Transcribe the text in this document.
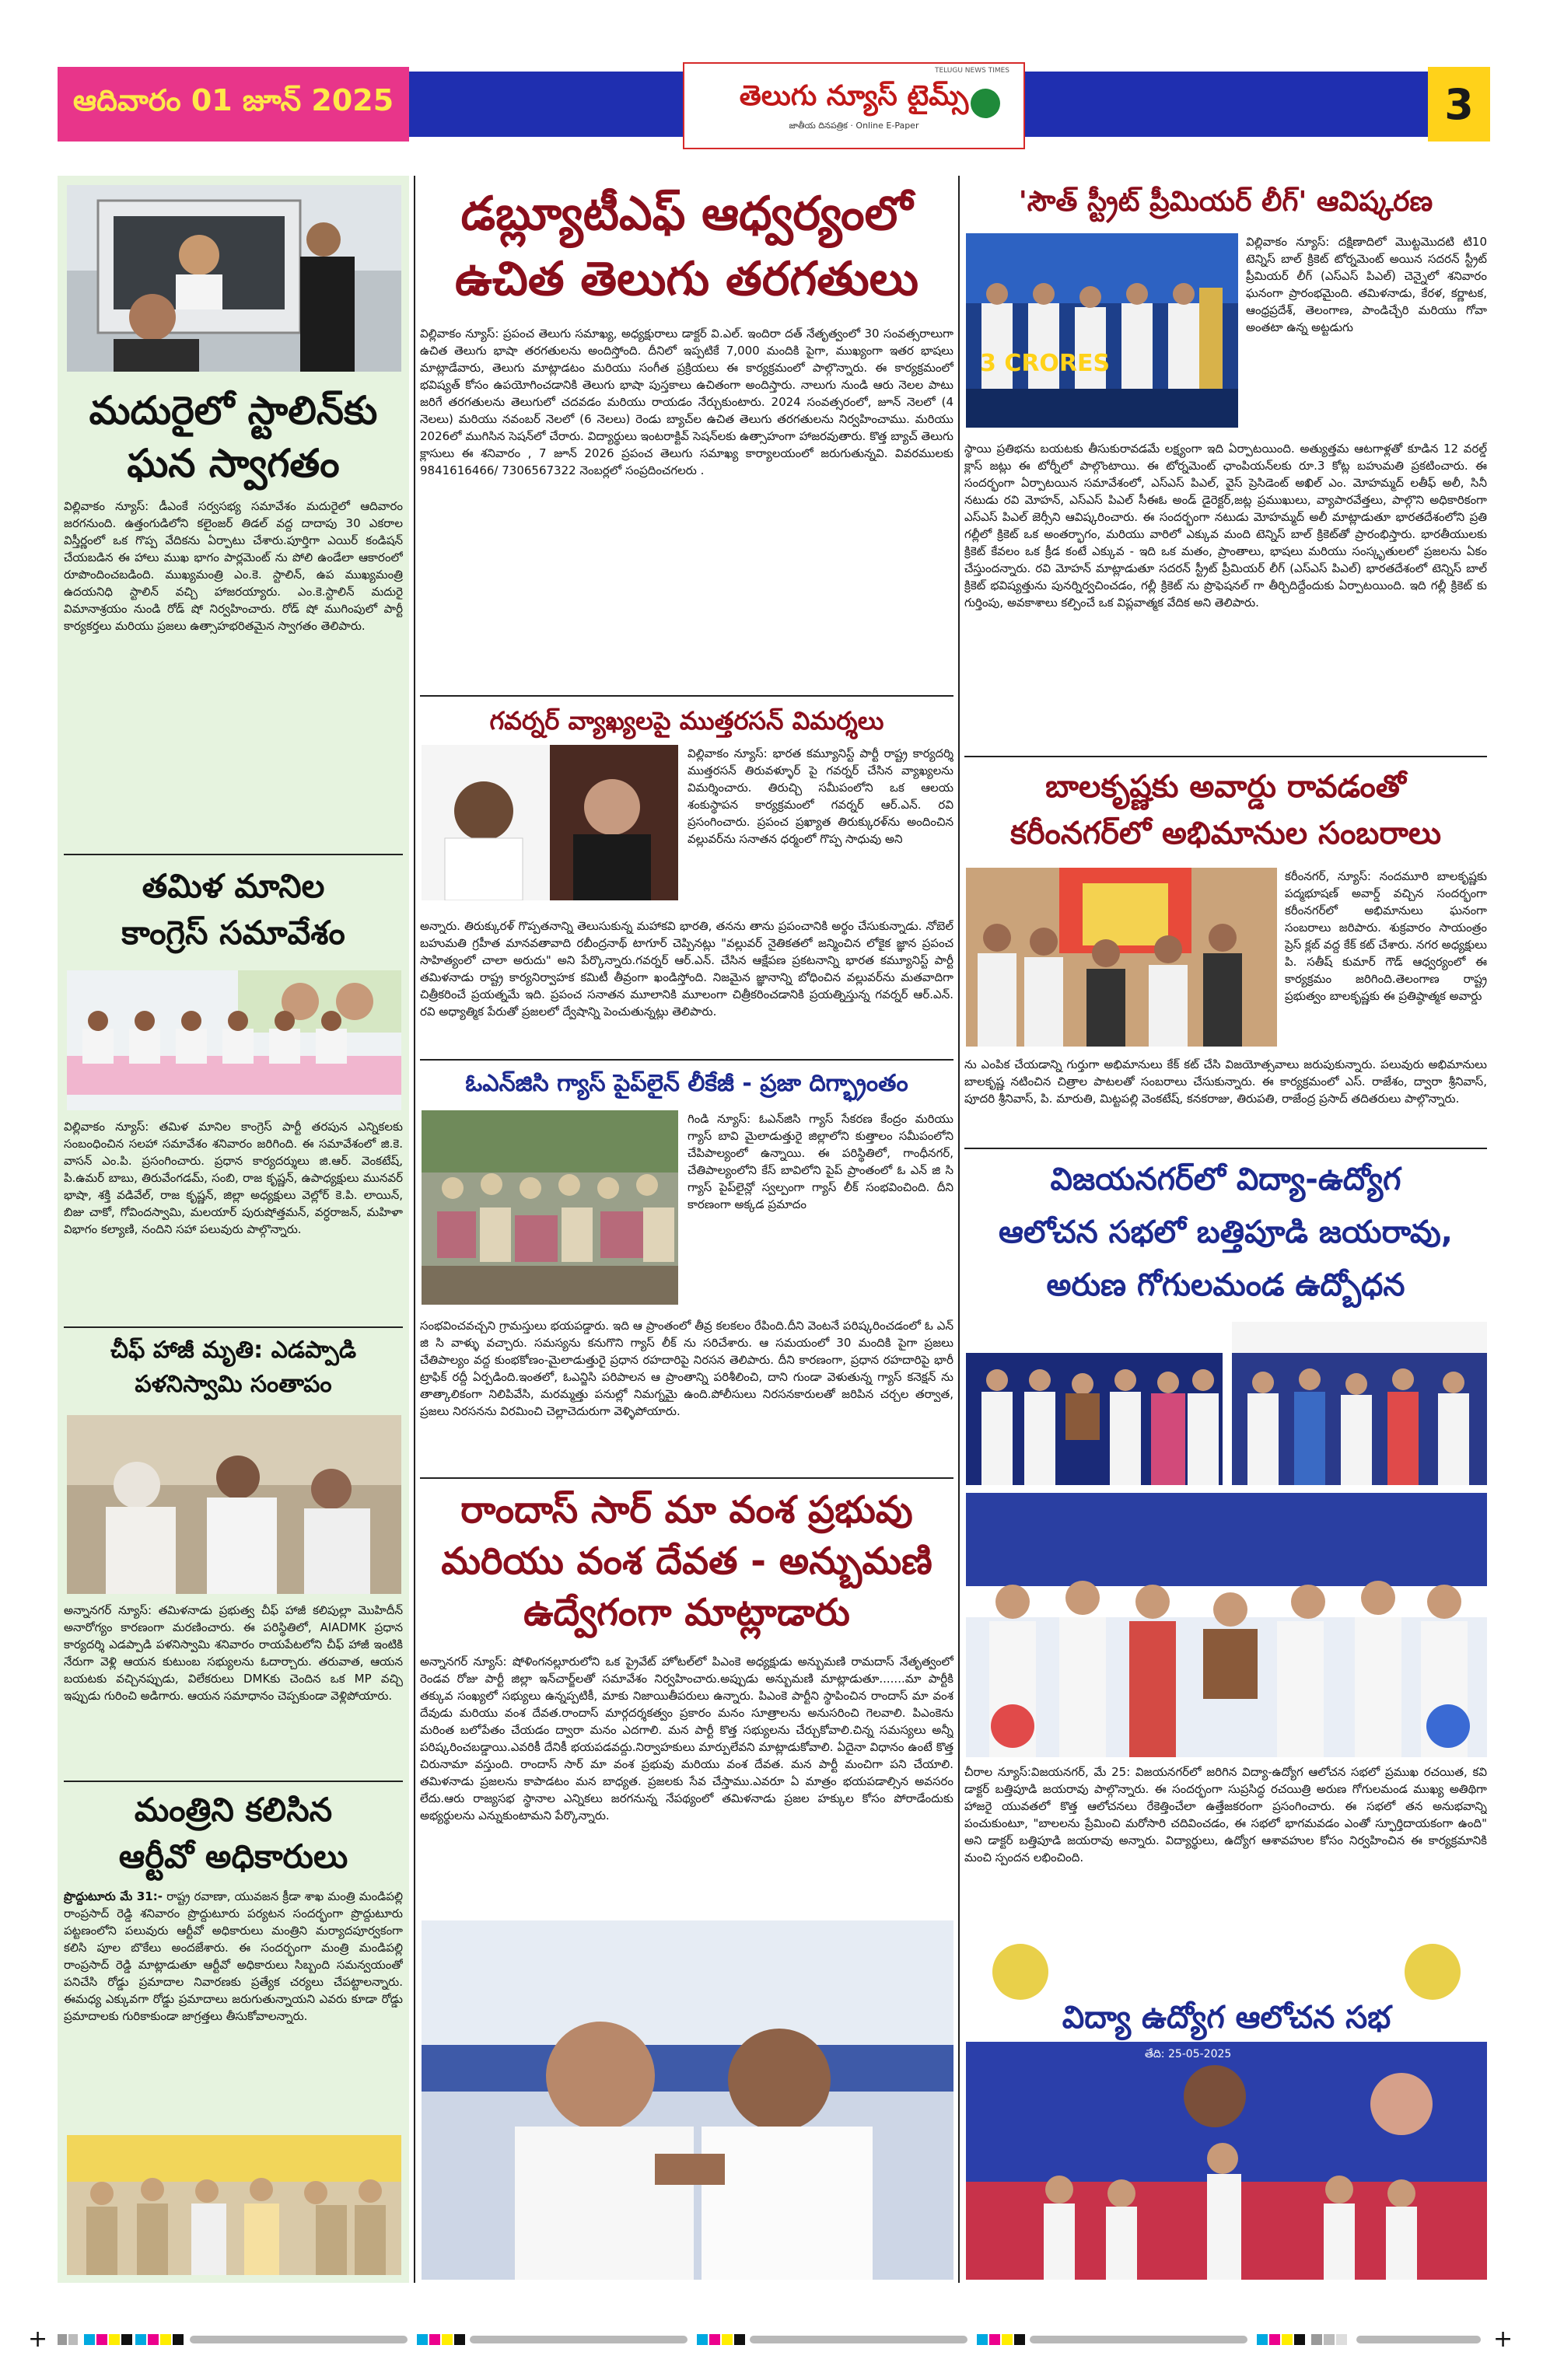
ఆదివారం 01 జూన్ 2025
TELUGU NEWS TIMES
తెలుగు న్యూస్ టైమ్స్
జాతీయ దినపత్రిక · Online E-Paper	3
మదురైలో స్టాలిన్‌కు
ఘన స్వాగతం
విల్లివాకం న్యూస్: డీఎంకే సర్వసభ్య సమావేశం మదురైలో ఆదివారం జరగనుంది. ఉత్తంగుడిలోని కలైంజర్ తిడల్ వద్ద దాదాపు 30 ఎకరాల విస్తీర్ణంలో ఒక గొప్ప వేదికను ఏర్పాటు చేశారు.పూర్తిగా ఎయిర్ కండిషన్ చేయబడిన ఈ హాలు ముఖ భాగం పార్లమెంట్ ను పోలి ఉండేలా ఆకారంలో రూపొందించబడింది. ముఖ్యమంత్రి ఎం.కె. స్టాలిన్, ఉప ముఖ్యమంత్రి ఉదయనిధి స్టాలిన్ వచ్చి హాజరయ్యారు. ఎం.కె.స్టాలిన్ మదురై విమానాశ్రయం నుండి రోడ్ షో నిర్వహించారు. రోడ్ షో ముగింపులో పార్టీ కార్యకర్తలు మరియు ప్రజలు ఉత్సాహభరితమైన స్వాగతం తెలిపారు.
తమిళ మానిల
కాంగ్రెస్ సమావేశం
విల్లివాకం న్యూస్: తమిళ మానిల కాంగ్రెస్ పార్టీ తరపున ఎన్నికలకు సంబంధించిన సలహా సమావేశం శనివారం జరిగింది. ఈ సమావేశంలో జి.కె. వాసన్ ఎం.పి. ప్రసంగించారు. ప్రధాన కార్యదర్శులు జి.ఆర్. వెంకటేష్, పి.ఉమర్ బాబు, తిరువేంగడమ్, సంబి, రాజ కృష్ణన్, ఉపాధ్యక్షులు మునవర్ భాషా, శక్తి వడివేల్, రాజ కృష్ణన్, జిల్లా అధ్యక్షులు వెల్లోర్ కె.పి. లాయిన్, బిజు చాకో, గోవిందస్వామి, మలయార్ పురుషోత్తమన్, వర్ధరాజన్, మహిళా విభాగం కల్యాణి, నందిని సహా పలువురు పాల్గొన్నారు.
చీఫ్ హాజీ మృతి: ఎడప్పాడి
పళనిస్వామి సంతాపం
అన్నానగర్ న్యూస్: తమిళనాడు ప్రభుత్వ చీఫ్ హాజీ కలిపుల్లా మొహిదీన్ అనారోగ్యం కారణంగా మరణించారు. ఈ పరిస్థితిలో, AIADMK ప్రధాన కార్యదర్శి ఎడప్పాడి పళనిస్వామి శనివారం రాయపేటలోని చీఫ్ హాజీ ఇంటికి నేరుగా వెళ్లి ఆయన కుటుంబ సభ్యులను ఓదార్చారు. తరువాత, ఆయన బయటకు వచ్చినప్పుడు, విలేకరులు DMKకు చెందిన ఒక MP వచ్చి ఇప్పుడు గురించి అడిగారు. ఆయన సమాధానం చెప్పకుండా వెళ్లిపోయారు.
మంత్రిని కలిసిన
ఆర్టీవో అధికారులు
ప్రొద్దుటూరు మే 31:- రాష్ట్ర రవాణా, యువజన క్రీడా శాఖ మంత్రి మండిపల్లి రాంప్రసాద్ రెడ్డి శనివారం ప్రొద్దుటూరు పర్యటన సందర్భంగా ప్రొద్దుటూరు పట్టణంలోని పలువురు ఆర్టీవో అధికారులు మంత్రిని మర్యాదపూర్వకంగా కలిసి పూల బొకేలు అందజేశారు. ఈ సందర్భంగా మంత్రి మండిపల్లి రాంప్రసాద్ రెడ్డి మాట్లాడుతూ ఆర్టీవో అధికారులు సిబ్బంది సమన్వయంతో పనిచేసి రోడ్డు ప్రమాదాల నివారణకు ప్రత్యేక చర్యలు చేపట్టాలన్నారు. ఈమధ్య ఎక్కువగా రోడ్డు ప్రమాదాలు జరుగుతున్నాయని ఎవరు కూడా రోడ్డు ప్రమాదాలకు గురికాకుండా జాగ్రత్తలు తీసుకోవాలన్నారు.
డబ్ల్యూటీఎఫ్ ఆధ్వర్యంలో
ఉచిత తెలుగు తరగతులు
విల్లివాకం న్యూస్: ప్రపంచ తెలుగు సమాఖ్య, అధ్యక్షురాలు డాక్టర్ వి.ఎల్. ఇందిరా దత్ నేతృత్వంలో 30 సంవత్సరాలుగా ఉచిత తెలుగు భాషా తరగతులను అందిస్తోంది. దీనిలో ఇప్పటికే 7,000 మందికి పైగా, ముఖ్యంగా ఇతర భాషలు మాట్లాడేవారు, తెలుగు మాట్లాడటం మరియు సంగీత ప్రక్రియలు ఈ కార్యక్రమంలో పాల్గొన్నారు. ఈ కార్యక్రమంలో భవిష్యత్ కోసం ఉపయోగించడానికి తెలుగు భాషా పుస్తకాలు ఉచితంగా అందిస్తారు. నాలుగు నుండి ఆరు నెలల పాటు జరిగే తరగతులను తెలుగులో చదవడం మరియు రాయడం నేర్చుకుంటారు. 2024 సంవత్సరంలో, జూన్ నెలలో (4 నెలలు) మరియు నవంబర్ నెలలో (6 నెలలు) రెండు బ్యాచ్‌ల ఉచిత తెలుగు తరగతులను నిర్వహించాము. మరియు 2026లో ముగిసిన సెషన్‌లో చేరారు. విద్యార్థులు ఇంటరాక్టివ్ సెషన్‌లకు ఉత్సాహంగా హాజరవుతారు. కొత్త బ్యాచ్ తెలుగు క్లాసులు ఈ శనివారం , 7 జూన్ 2026 ప్రపంచ తెలుగు సమాఖ్య కార్యాలయంలో జరుగుతున్నవి. వివరములకు 9841616466/ 7306567322 నెంబర్లలో సంప్రదించగలరు .
గవర్నర్ వ్యాఖ్యలపై ముత్తరసన్ విమర్శలు
విల్లివాకం న్యూస్: భారత కమ్యూనిస్ట్ పార్టీ రాష్ట్ర కార్యదర్శి ముత్తరసన్ తిరువళ్ళూర్ పై గవర్నర్ చేసిన వ్యాఖ్యలను విమర్శించారు. తిరుచ్చి సమీపంలోని ఒక ఆలయ శంకుస్థాపన కార్యక్రమంలో గవర్నర్ ఆర్.ఎన్. రవి ప్రసంగించారు. ప్రపంచ ప్రఖ్యాత తిరుక్కురళ్‌ను అందించిన వల్లువర్‌ను సనాతన ధర్మంలో గొప్ప సాధువు అని
అన్నారు. తిరుక్కురళ్ గొప్పతనాన్ని తెలుసుకున్న మహాకవి భారతి, తనను తాను ప్రపంచానికి అర్థం చేసుకున్నాడు. నోబెల్ బహుమతి గ్రహీత మానవతావాది రబీంద్రనాథ్ టాగూర్ చెప్పినట్లు "వల్లువర్ నైతికతలో జన్మించిన లోకైక జ్ఞాన ప్రపంచ సాహిత్యంలో చాలా అరుదు" అని పేర్కొన్నారు.గవర్నర్ ఆర్.ఎన్. చేసిన ఆక్షేపణ ప్రకటనాన్ని భారత కమ్యూనిస్ట్ పార్టీ తమిళనాడు రాష్ట్ర కార్యనిర్వాహక కమిటీ తీవ్రంగా ఖండిస్తోంది. నిజమైన జ్ఞానాన్ని బోధించిన వల్లువర్‌ను మతవాదిగా చిత్రీకరించే ప్రయత్నమే ఇది. ప్రపంచ సనాతన మూలానికి మూలంగా చిత్రీకరించడానికి ప్రయత్నిస్తున్న గవర్నర్ ఆర్.ఎన్. రవి అధ్యాత్మిక పేరుతో ప్రజలలో ద్వేషాన్ని పెంచుతున్నట్లు తెలిపారు.
ఓఎన్‌జిసి గ్యాస్ పైప్‌లైన్ లీకేజీ - ప్రజా దిగ్భ్రాంతం
గిండి న్యూస్: ఓఎన్‌జిసి గ్యాస్ సేకరణ కేంద్రం మరియు గ్యాస్ బావి మైలాడుత్తురై జిల్లాలోని కుత్తాలం సమీపంలోని చేపిపాల్యంలో ఉన్నాయి. ఈ పరిస్థితిలో, గాంధీనగర్, చేతిపాల్యంలోని కేస్ బావిలోని పైప్ ప్రాంతంలో ఓ ఎన్ జి సి గ్యాస్ పైప్‌లైన్లో స్వల్పంగా గ్యాస్ లీక్ సంభవించింది. దీని కారణంగా అక్కడ ప్రమాదం
సంభవించవచ్చని గ్రామస్తులు భయపడ్డారు. ఇది ఆ ప్రాంతంలో తీవ్ర కలకలం రేపింది.దీని వెంటనే పరిష్కరించడంలో ఓ ఎన్ జి సి వాళ్ళు వచ్చారు. సమస్యను కనుగొని గ్యాస్ లీక్ ను సరిచేశారు. ఆ సమయంలో 30 మందికి పైగా ప్రజలు చేతిపాల్యం వద్ద కుంభకోణం-మైలాడుత్తురై ప్రధాన రహదారిపై నిరసన తెలిపారు. దీని కారణంగా, ప్రధాన రహదారిపై భారీ ట్రాఫిక్ రద్దీ ఏర్పడింది.ఇంతలో, ఓఎన్జిసి పరిపాలన ఆ ప్రాంతాన్ని పరిశీలించి, దాని గుండా వెళుతున్న గ్యాస్ కనెక్షన్ ను తాత్కాలికంగా నిలిపివేసి, మరమ్మత్తు పనుల్లో నిమగ్నమై ఉంది.పోలీసులు నిరసనకారులతో జరిపిన చర్చల తర్వాత, ప్రజలు నిరసనను విరమించి చెల్లాచెదురుగా వెళ్ళిపోయారు.
రాందాస్ సార్ మా వంశ ప్రభువు
మరియు వంశ దేవత - అన్బుమణి
ఉద్వేగంగా మాట్లాడారు
అన్నానగర్ న్యూస్: షోళింగనల్లూరులోని ఒక ప్రైవేట్ హోటల్‌లో పిఎంకె అధ్యక్షుడు అన్బుమణి రామదాస్ నేతృత్వంలో రెండవ రోజు పార్టీ జిల్లా ఇన్‌చార్జ్‌లతో సమావేశం నిర్వహించారు.అప్పుడు అన్బుమణి మాట్లాడుతూ.......మా పార్టీకి తక్కువ సంఖ్యలో సభ్యులు ఉన్నప్పటికీ, మాకు నిజాయితీపరులు ఉన్నారు. పిఎంకె పార్టీని స్థాపించిన రాందాస్ మా వంశ దేవుడు మరియు వంశ దేవత.రాందాస్ మార్గదర్శకత్వం ప్రకారం మనం సూత్రాలను అనుసరించి గెలవాలి. పిఎంకెను మరింత బలోపేతం చేయడం ద్వారా మనం ఎదగాలి. మన పార్టీ కొత్త సభ్యులను చేర్చుకోవాలి.చిన్న సమస్యలు అన్నీ పరిష్కరించబడ్డాయి.ఎవరికీ దేనికీ భయపడవద్దు.నిర్వాహకులు మార్పులేవని మాట్లాడుకోవాలి. ఏదైనా విధానం ఉంటే కొత్త చిరునామా వస్తుంది. రాందాస్ సార్ మా వంశ ప్రభువు మరియు వంశ దేవత. మన పార్టీ మంచిగా పని చేయాలి. తమిళనాడు ప్రజలను కాపాడటం మన బాధ్యత. ప్రజలకు సేవ చేస్తాము.ఎవరూ ఏ మాత్రం భయపడాల్సిన అవసరం లేదు.ఆరు రాజ్యసభ స్థానాల ఎన్నికలు జరగనున్న నేపథ్యంలో తమిళనాడు ప్రజల హక్కుల కోసం పోరాడేందుకు అభ్యర్థులను ఎన్నుకుంటామని పేర్కొన్నారు.
'సౌత్ స్ట్రీట్ ప్రీమియర్ లీగ్' ఆవిష్కరణ
3 CRORES
విల్లివాకం న్యూస్: దక్షిణాదిలో మొట్టమొదటి టి10 టెన్నిస్ బాల్ క్రికెట్ టోర్నమెంట్ అయిన సదరన్ స్ట్రీట్ ప్రీమియర్ లీగ్ (ఎస్ఎస్ పిఎల్) చెన్నైలో శనివారం ఘనంగా ప్రారంభమైంది. తమిళనాడు, కేరళ, కర్ణాటక, ఆంధ్రప్రదేశ్, తెలంగాణ, పాండిచ్చేరి మరియు గోవా అంతటా ఉన్న అట్టడుగు
స్థాయి ప్రతిభను బయటకు తీసుకురావడమే లక్ష్యంగా ఇది ఏర్పాటయింది. అత్యుత్తమ ఆటగాళ్లతో కూడిన 12 వరల్డ్ క్లాస్ జట్లు ఈ టోర్నీలో పాల్గొంటాయి. ఈ టోర్నమెంట్ ఛాంపియన్‌లకు రూ.3 కోట్ల బహుమతి ప్రకటించారు. ఈ సందర్భంగా ఏర్పాటయిన సమావేశంలో, ఎస్ఎస్ పిఎల్, వైస్ ప్రెసిడెంట్ అఖిల్ ఎం. మోహమ్మద్ లతీఫ్ అలీ, సినీ నటుడు రవి మోహన్, ఎస్ఎస్ పిఎల్ సీఈఓ అండ్ డైరెక్టర్,జట్ల ప్రముఖులు, వ్యాపారవేత్తలు, పాల్గొని అధికారికంగా ఎస్ఎస్ పిఎల్ జెర్సీని ఆవిష్కరించారు. ఈ సందర్భంగా నటుడు మోహమ్మద్ అలీ మాట్లాడుతూ భారతదేశంలోని ప్రతి గల్లీలో క్రికెట్ ఒక అంతర్భాగం, మరియు వారిలో ఎక్కువ మంది టెన్నిస్ బాల్ క్రికెట్‌తో ప్రారంభిస్తారు. భారతీయులకు క్రికెట్ కేవలం ఒక క్రీడ కంటే ఎక్కువ - ఇది ఒక మతం, ప్రాంతాలు, భాషలు మరియు సంస్కృతులలో ప్రజలను ఏకం చేస్తుందన్నారు. రవి మోహన్ మాట్లాడుతూ సదరన్ స్ట్రీట్ ప్రీమియర్ లీగ్ (ఎస్ఎస్ పిఎల్) భారతదేశంలో టెన్నిస్ బాల్ క్రికెట్ భవిష్యత్తును పునర్నిర్వచించడం, గల్లీ క్రికెట్ ను ప్రొఫెషనల్ గా తీర్చిదిద్దేందుకు ఏర్పాటయింది. ఇది గల్లీ క్రికెట్ కు గుర్తింపు, అవకాశాలు కల్పించే ఒక విప్లవాత్మక వేదిక అని తెలిపారు.
బాలకృష్ణకు అవార్డు రావడంతో
కరీంనగర్‌లో అభిమానుల సంబరాలు
కరీంనగర్, న్యూస్: నందమూరి బాలకృష్ణకు పద్మభూషణ్ అవార్డ్ వచ్చిన సందర్భంగా కరీంనగర్‌లో అభిమానులు ఘనంగా సంబరాలు జరిపారు. శుక్రవారం సాయంత్రం ప్రెస్ క్లబ్ వద్ద కేక్ కట్ చేశారు. నగర అధ్యక్షులు పి. సతీష్ కుమార్ గౌడ్ ఆధ్వర్యంలో ఈ కార్యక్రమం జరిగింది.తెలంగాణ రాష్ట్ర ప్రభుత్వం బాలకృష్ణకు ఈ ప్రతిష్ఠాత్మక అవార్డు
ను ఎంపిక చేయడాన్ని గుర్తుగా అభిమానులు కేక్ కట్ చేసి విజయోత్సవాలు జరుపుకున్నారు. పలువురు అభిమానులు బాలకృష్ణ నటించిన చిత్రాల పాటలతో సంబరాలు చేసుకున్నారు. ఈ కార్యక్రమంలో ఎస్. రాజేశం, ద్వారా శ్రీనివాస్, పూదరి శ్రీనివాస్, పి. మారుతి, మిట్టపల్లి వెంకటేష్, కనకరాజు, తిరుపతి, రాజేంద్ర ప్రసాద్ తదితరులు పాల్గొన్నారు.
విజయనగర్‌లో విద్యా-ఉద్యోగ
ఆలోచన సభలో బత్తిపూడి జయరావు,
అరుణ గోగులమండ ఉద్బోధన
చీరాల న్యూస్:విజయనగర్, మే 25: విజయనగర్‌లో జరిగిన విద్యా-ఉద్యోగ ఆలోచన సభలో ప్రముఖ రచయిత, కవి డాక్టర్ బత్తిపూడి జయరావు పాల్గొన్నారు. ఈ సందర్భంగా సుప్రసిద్ధ రచయిత్రి అరుణ గోగులమండ ముఖ్య అతిథిగా హాజరై యువతలో కొత్త ఆలోచనలు రేకెత్తించేలా ఉత్తేజకరంగా ప్రసంగించారు. ఈ సభలో తన అనుభవాన్ని పంచుకుంటూ, "బాలలను ప్రేమించి మరోసారి చదివించడం, ఈ సభలో భాగమవడం ఎంతో స్ఫూర్తిదాయకంగా ఉంది" అని డాక్టర్ బత్తిపూడి జయరావు అన్నారు. విద్యార్థులు, ఉద్యోగ ఆశావహుల కోసం నిర్వహించిన ఈ కార్యక్రమానికి మంచి స్పందన లభించింది.
విద్యా ఉద్యోగ ఆలోచన సభ
తేది: 25-05-2025
+	+
